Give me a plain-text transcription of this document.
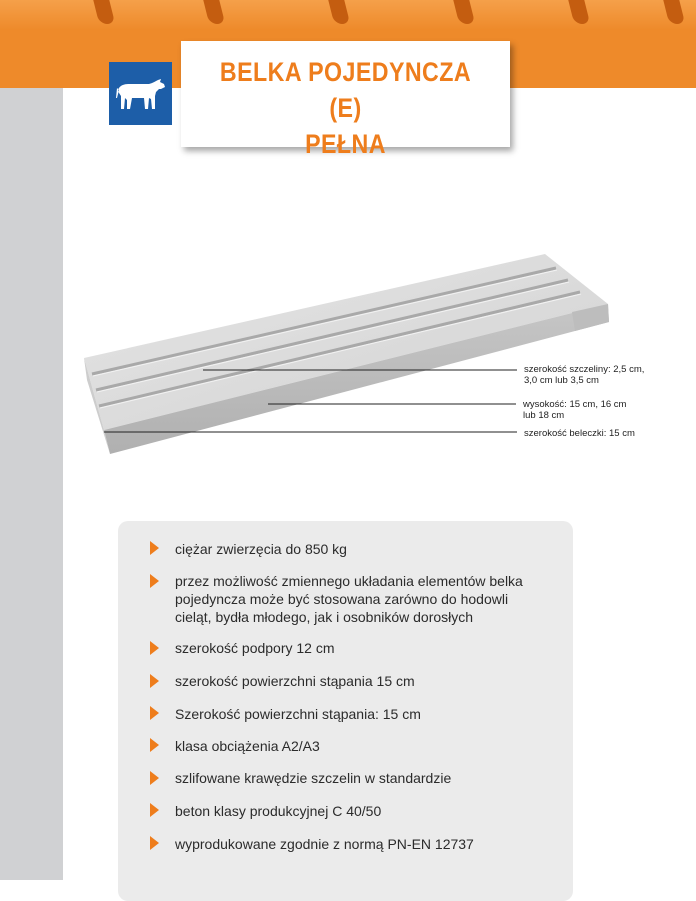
BELKA POJEDYNCZA (E)
PEŁNA
szerokość szczeliny: 2,5 cm,
3,0 cm lub 3,5 cm
wysokość: 15 cm, 16 cm
lub 18 cm
szerokość beleczki: 15 cm
ciężar zwierzęcia do 850 kg
przez możliwość zmiennego układania elementów belka
pojedyncza może być stosowana zarówno do hodowli
cieląt, bydła młodego, jak i osobników dorosłych
szerokość podpory 12 cm
szerokość powierzchni stąpania 15 cm
Szerokość powierzchni stąpania: 15 cm
klasa obciążenia A2/A3
szlifowane krawędzie szczelin w standardzie
beton klasy produkcyjnej C 40/50
wyprodukowane zgodnie z normą PN-EN 12737
